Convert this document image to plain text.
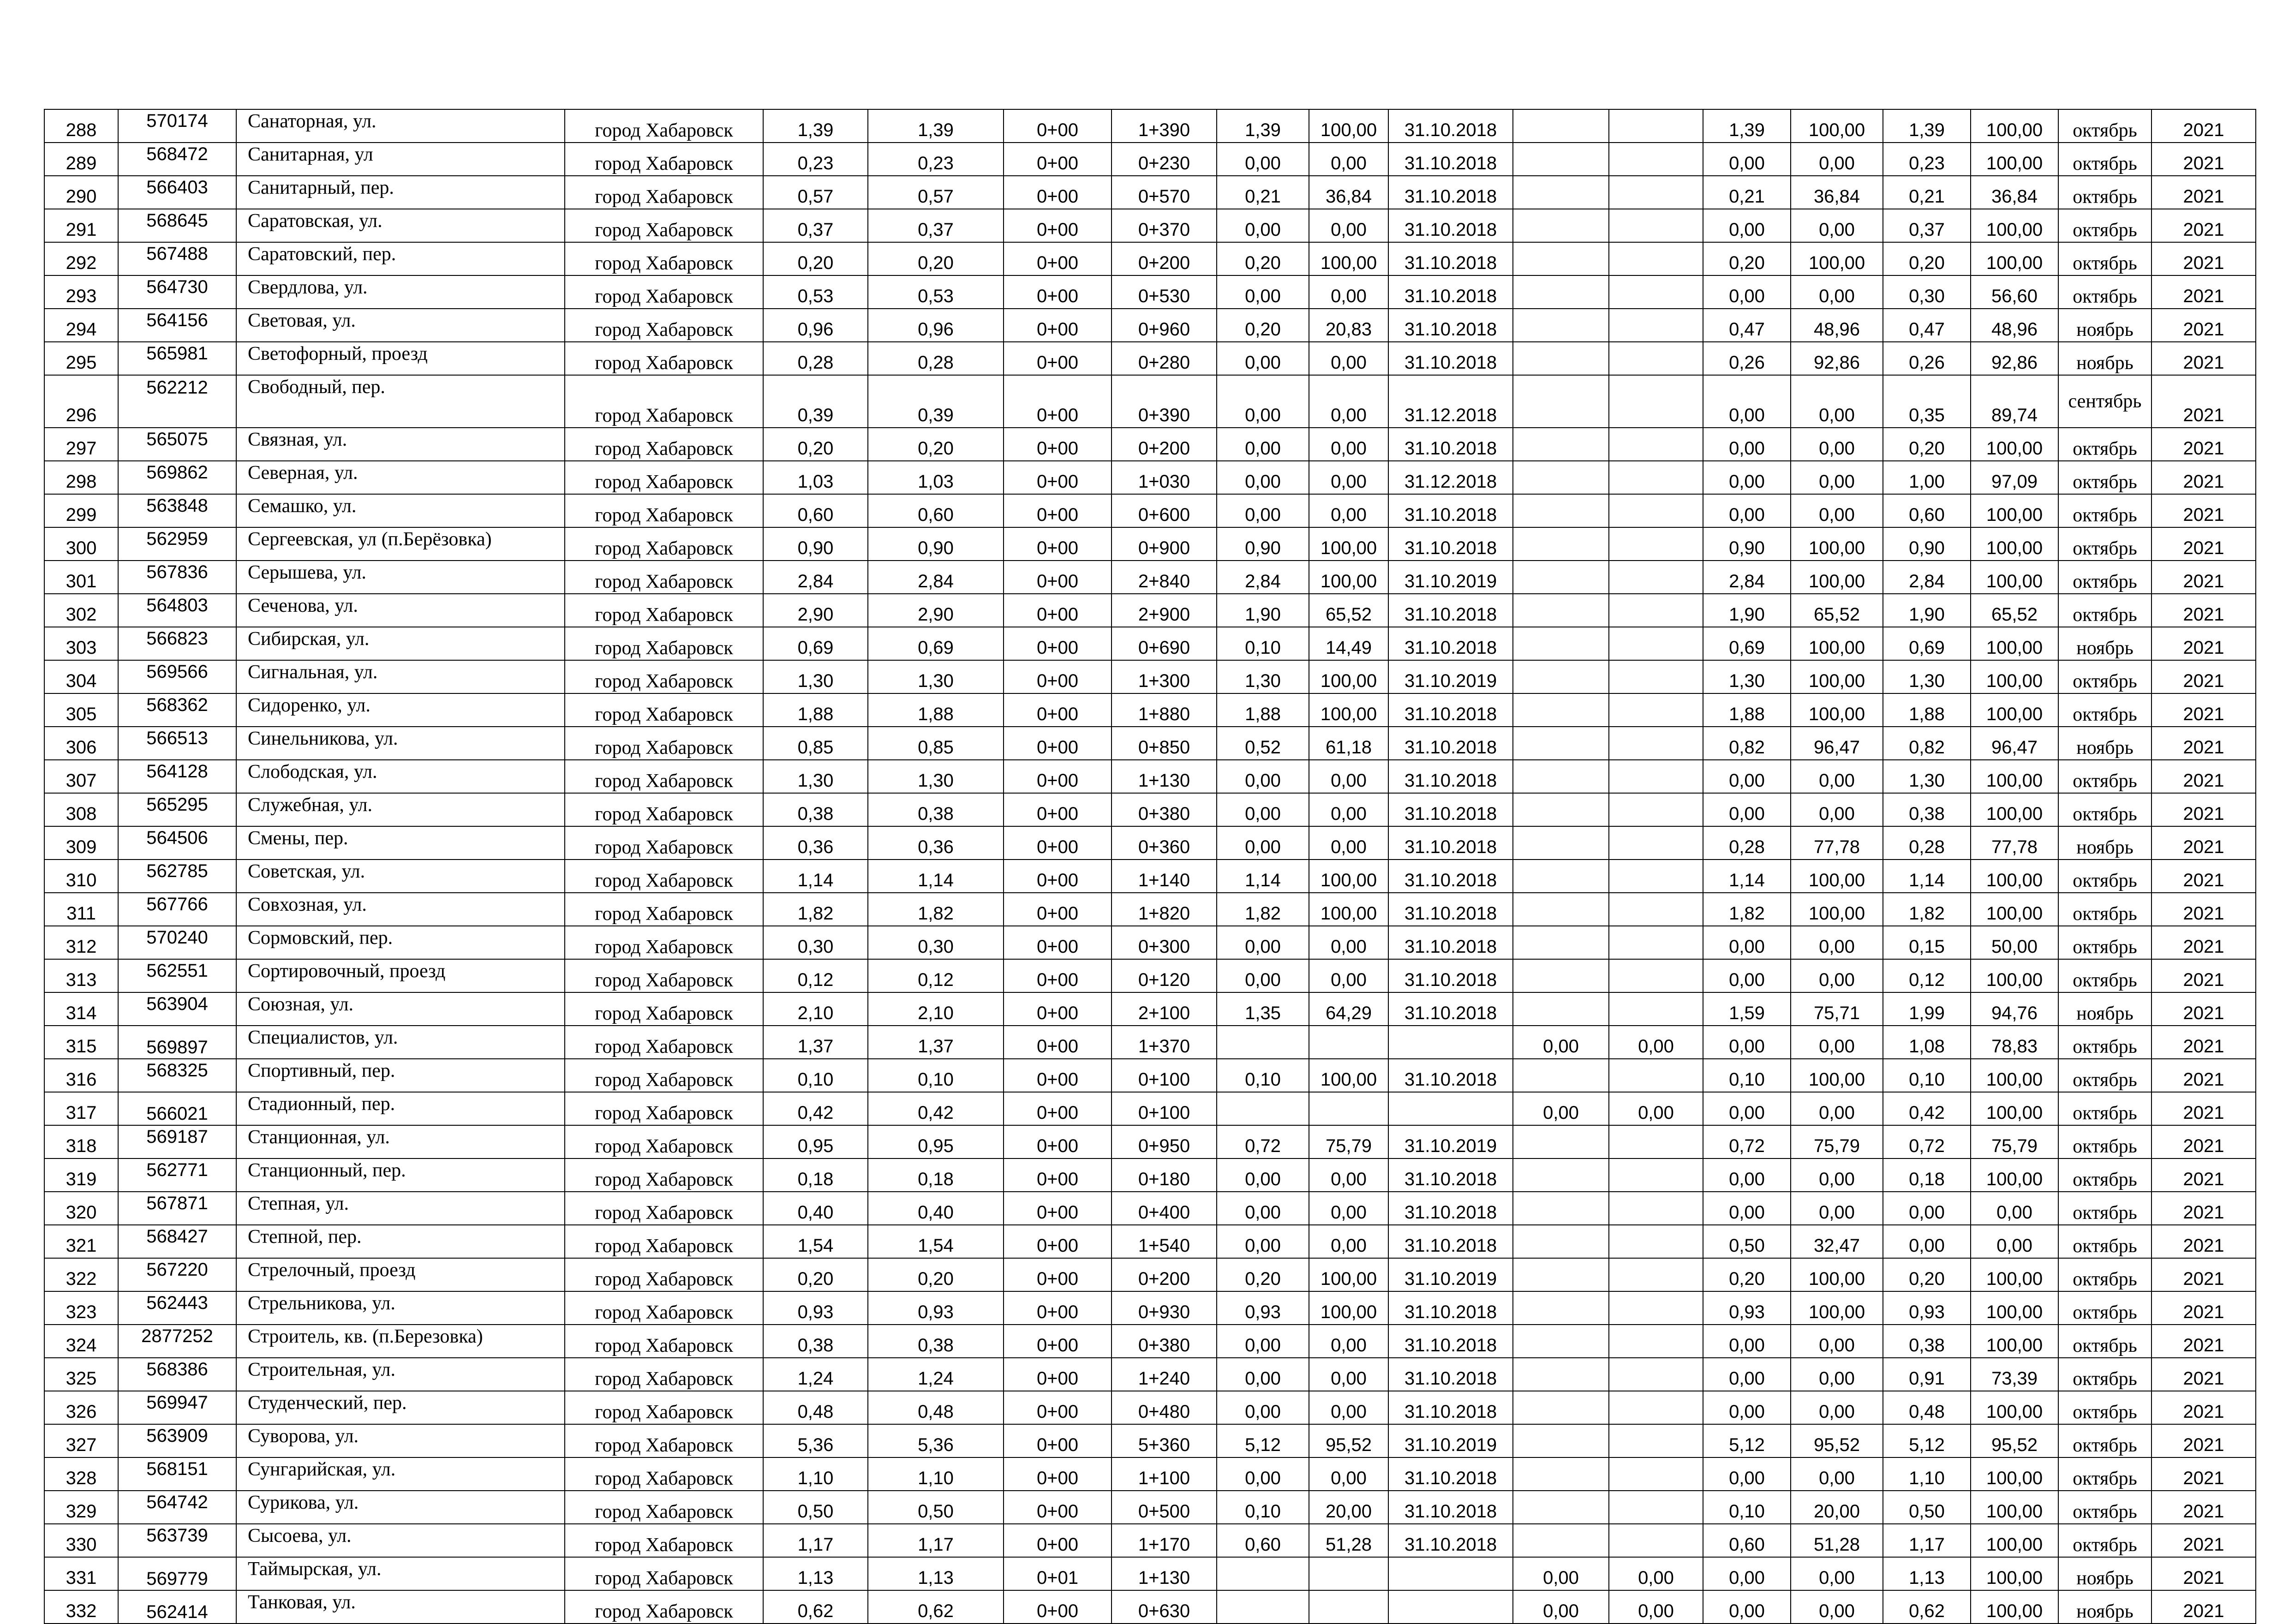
288	570174	Санаторная, ул.	город Хабаровск	1,39	1,39	0+00	1+390	1,39	100,00	31.10.2018			1,39	100,00	1,39	100,00	октябрь	2021
289	568472	Санитарная, ул	город Хабаровск	0,23	0,23	0+00	0+230	0,00	0,00	31.10.2018			0,00	0,00	0,23	100,00	октябрь	2021
290	566403	Санитарный, пер.	город Хабаровск	0,57	0,57	0+00	0+570	0,21	36,84	31.10.2018			0,21	36,84	0,21	36,84	октябрь	2021
291	568645	Саратовская, ул.	город Хабаровск	0,37	0,37	0+00	0+370	0,00	0,00	31.10.2018			0,00	0,00	0,37	100,00	октябрь	2021
292	567488	Саратовский, пер.	город Хабаровск	0,20	0,20	0+00	0+200	0,20	100,00	31.10.2018			0,20	100,00	0,20	100,00	октябрь	2021
293	564730	Свердлова, ул.	город Хабаровск	0,53	0,53	0+00	0+530	0,00	0,00	31.10.2018			0,00	0,00	0,30	56,60	октябрь	2021
294	564156	Световая, ул.	город Хабаровск	0,96	0,96	0+00	0+960	0,20	20,83	31.10.2018			0,47	48,96	0,47	48,96	ноябрь	2021
295	565981	Светофорный, проезд	город Хабаровск	0,28	0,28	0+00	0+280	0,00	0,00	31.10.2018			0,26	92,86	0,26	92,86	ноябрь	2021
296	562212	Свободный, пер.	город Хабаровск	0,39	0,39	0+00	0+390	0,00	0,00	31.12.2018			0,00	0,00	0,35	89,74	сентябрь	2021
297	565075	Связная, ул.	город Хабаровск	0,20	0,20	0+00	0+200	0,00	0,00	31.10.2018			0,00	0,00	0,20	100,00	октябрь	2021
298	569862	Северная, ул.	город Хабаровск	1,03	1,03	0+00	1+030	0,00	0,00	31.12.2018			0,00	0,00	1,00	97,09	октябрь	2021
299	563848	Семашко, ул.	город Хабаровск	0,60	0,60	0+00	0+600	0,00	0,00	31.10.2018			0,00	0,00	0,60	100,00	октябрь	2021
300	562959	Сергеевская, ул (п.Берёзовка)	город Хабаровск	0,90	0,90	0+00	0+900	0,90	100,00	31.10.2018			0,90	100,00	0,90	100,00	октябрь	2021
301	567836	Серышева, ул.	город Хабаровск	2,84	2,84	0+00	2+840	2,84	100,00	31.10.2019			2,84	100,00	2,84	100,00	октябрь	2021
302	564803	Сеченова, ул.	город Хабаровск	2,90	2,90	0+00	2+900	1,90	65,52	31.10.2018			1,90	65,52	1,90	65,52	октябрь	2021
303	566823	Сибирская, ул.	город Хабаровск	0,69	0,69	0+00	0+690	0,10	14,49	31.10.2018			0,69	100,00	0,69	100,00	ноябрь	2021
304	569566	Сигнальная, ул.	город Хабаровск	1,30	1,30	0+00	1+300	1,30	100,00	31.10.2019			1,30	100,00	1,30	100,00	октябрь	2021
305	568362	Сидоренко, ул.	город Хабаровск	1,88	1,88	0+00	1+880	1,88	100,00	31.10.2018			1,88	100,00	1,88	100,00	октябрь	2021
306	566513	Синельникова, ул.	город Хабаровск	0,85	0,85	0+00	0+850	0,52	61,18	31.10.2018			0,82	96,47	0,82	96,47	ноябрь	2021
307	564128	Слободская, ул.	город Хабаровск	1,30	1,30	0+00	1+130	0,00	0,00	31.10.2018			0,00	0,00	1,30	100,00	октябрь	2021
308	565295	Служебная, ул.	город Хабаровск	0,38	0,38	0+00	0+380	0,00	0,00	31.10.2018			0,00	0,00	0,38	100,00	октябрь	2021
309	564506	Смены, пер.	город Хабаровск	0,36	0,36	0+00	0+360	0,00	0,00	31.10.2018			0,28	77,78	0,28	77,78	ноябрь	2021
310	562785	Советская, ул.	город Хабаровск	1,14	1,14	0+00	1+140	1,14	100,00	31.10.2018			1,14	100,00	1,14	100,00	октябрь	2021
311	567766	Совхозная, ул.	город Хабаровск	1,82	1,82	0+00	1+820	1,82	100,00	31.10.2018			1,82	100,00	1,82	100,00	октябрь	2021
312	570240	Сормовский, пер.	город Хабаровск	0,30	0,30	0+00	0+300	0,00	0,00	31.10.2018			0,00	0,00	0,15	50,00	октябрь	2021
313	562551	Сортировочный, проезд	город Хабаровск	0,12	0,12	0+00	0+120	0,00	0,00	31.10.2018			0,00	0,00	0,12	100,00	октябрь	2021
314	563904	Союзная, ул.	город Хабаровск	2,10	2,10	0+00	2+100	1,35	64,29	31.10.2018			1,59	75,71	1,99	94,76	ноябрь	2021
315	569897	Специалистов, ул.	город Хабаровск	1,37	1,37	0+00	1+370				0,00	0,00	0,00	0,00	1,08	78,83	октябрь	2021
316	568325	Спортивный, пер.	город Хабаровск	0,10	0,10	0+00	0+100	0,10	100,00	31.10.2018			0,10	100,00	0,10	100,00	октябрь	2021
317	566021	Стадионный, пер.	город Хабаровск	0,42	0,42	0+00	0+100				0,00	0,00	0,00	0,00	0,42	100,00	октябрь	2021
318	569187	Станционная, ул.	город Хабаровск	0,95	0,95	0+00	0+950	0,72	75,79	31.10.2019			0,72	75,79	0,72	75,79	октябрь	2021
319	562771	Станционный, пер.	город Хабаровск	0,18	0,18	0+00	0+180	0,00	0,00	31.10.2018			0,00	0,00	0,18	100,00	октябрь	2021
320	567871	Степная, ул.	город Хабаровск	0,40	0,40	0+00	0+400	0,00	0,00	31.10.2018			0,00	0,00	0,00	0,00	октябрь	2021
321	568427	Степной, пер.	город Хабаровск	1,54	1,54	0+00	1+540	0,00	0,00	31.10.2018			0,50	32,47	0,00	0,00	октябрь	2021
322	567220	Стрелочный, проезд	город Хабаровск	0,20	0,20	0+00	0+200	0,20	100,00	31.10.2019			0,20	100,00	0,20	100,00	октябрь	2021
323	562443	Стрельникова, ул.	город Хабаровск	0,93	0,93	0+00	0+930	0,93	100,00	31.10.2018			0,93	100,00	0,93	100,00	октябрь	2021
324	2877252	Строитель, кв. (п.Березовка)	город Хабаровск	0,38	0,38	0+00	0+380	0,00	0,00	31.10.2018			0,00	0,00	0,38	100,00	октябрь	2021
325	568386	Строительная, ул.	город Хабаровск	1,24	1,24	0+00	1+240	0,00	0,00	31.10.2018			0,00	0,00	0,91	73,39	октябрь	2021
326	569947	Студенческий, пер.	город Хабаровск	0,48	0,48	0+00	0+480	0,00	0,00	31.10.2018			0,00	0,00	0,48	100,00	октябрь	2021
327	563909	Суворова, ул.	город Хабаровск	5,36	5,36	0+00	5+360	5,12	95,52	31.10.2019			5,12	95,52	5,12	95,52	октябрь	2021
328	568151	Сунгарийская, ул.	город Хабаровск	1,10	1,10	0+00	1+100	0,00	0,00	31.10.2018			0,00	0,00	1,10	100,00	октябрь	2021
329	564742	Сурикова, ул.	город Хабаровск	0,50	0,50	0+00	0+500	0,10	20,00	31.10.2018			0,10	20,00	0,50	100,00	октябрь	2021
330	563739	Сысоева, ул.	город Хабаровск	1,17	1,17	0+00	1+170	0,60	51,28	31.10.2018			0,60	51,28	1,17	100,00	октябрь	2021
331	569779	Таймырская, ул.	город Хабаровск	1,13	1,13	0+01	1+130				0,00	0,00	0,00	0,00	1,13	100,00	ноябрь	2021
332	562414	Танковая, ул.	город Хабаровск	0,62	0,62	0+00	0+630				0,00	0,00	0,00	0,00	0,62	100,00	ноябрь	2021
